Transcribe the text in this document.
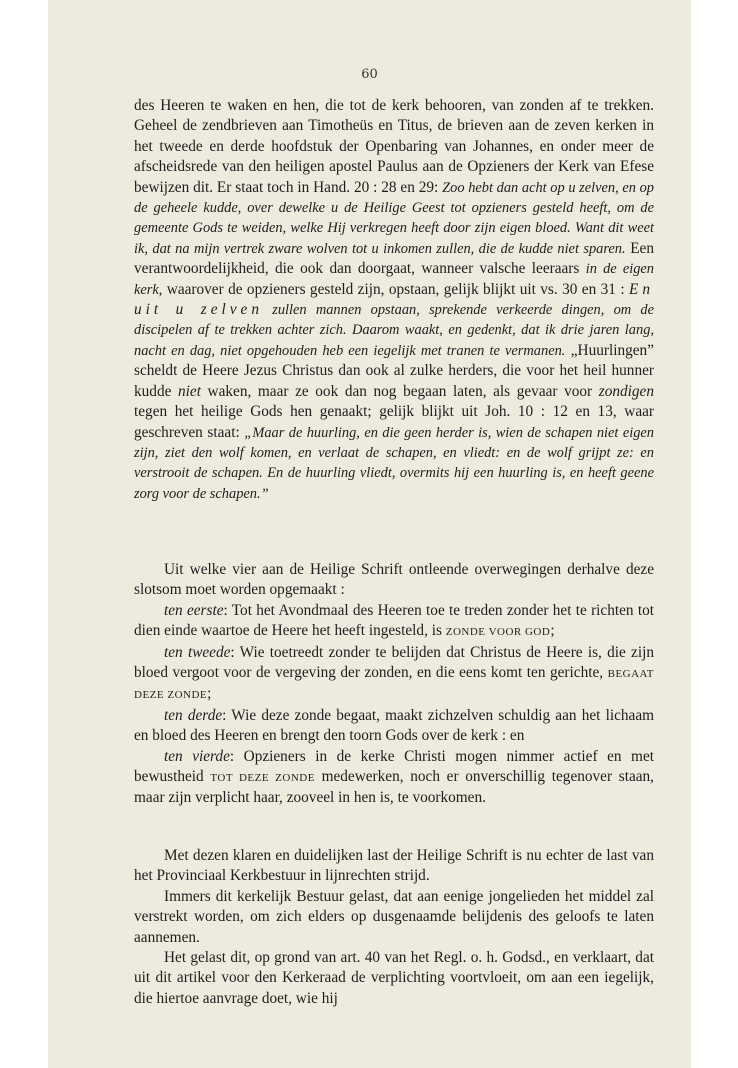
60

des Heeren te waken en hen, die tot de kerk behooren, van zonden af te trekken. Geheel de zendbrieven aan Timotheüs en Titus, de brieven aan de zeven kerken in het tweede en derde hoofdstuk der Openbaring van Johannes, en onder meer de afscheidsrede van den heiligen apostel Paulus aan de Opzieners der Kerk van Efese bewijzen dit. Er staat toch in Hand. 20 : 28 en 29: Zoo hebt dan acht op u zelven, en op de geheele kudde, over dewelke u de Heilige Geest tot opzieners gesteld heeft, om de gemeente Gods te weiden, welke Hij verkregen heeft door zijn eigen bloed. Want dit weet ik, dat na mijn vertrek zware wolven tot u inkomen zullen, die de kudde niet sparen. Een verantwoordelijkheid, die ook dan doorgaat, wanneer valsche leeraars in de eigen kerk, waarover de opzieners gesteld zijn, opstaan, gelijk blijkt uit vs. 30 en 31 : En uit u zelven zullen mannen opstaan, sprekende verkeerde dingen, om de discipelen af te trekken achter zich. Daarom waakt, en gedenkt, dat ik drie jaren lang, nacht en dag, niet opgehouden heb een iegelijk met tranen te vermanen. „Huurlingen” scheldt de Heere Jezus Christus dan ook al zulke herders, die voor het heil hunner kudde niet waken, maar ze ook dan nog begaan laten, als gevaar voor zondigen tegen het heilige Gods hen genaakt; gelijk blijkt uit Joh. 10 : 12 en 13, waar geschreven staat: „Maar de huurling, en die geen herder is, wien de schapen niet eigen zijn, ziet den wolf komen, en verlaat de schapen, en vliedt: en de wolf grijpt ze: en verstrooit de schapen. En de huurling vliedt, overmits hij een huurling is, en heeft geene zorg voor de schapen.”

Uit welke vier aan de Heilige Schrift ontleende overwegingen derhalve deze slotsom moet worden opgemaakt :

ten eerste: Tot het Avondmaal des Heeren toe te treden zonder het te richten tot dien einde waartoe de Heere het heeft ingesteld, is ZONDE VOOR GOD;

ten tweede: Wie toetreedt zonder te belijden dat Christus de Heere is, die zijn bloed vergoot voor de vergeving der zonden, en die eens komt ten gerichte, BEGAAT DEZE ZONDE;

ten derde: Wie deze zonde begaat, maakt zichzelven schuldig aan het lichaam en bloed des Heeren en brengt den toorn Gods over de kerk : en

ten vierde: Opzieners in de kerke Christi mogen nimmer actief en met bewustheid TOT DEZE ZONDE medewerken, noch er onverschillig tegenover staan, maar zijn verplicht haar, zooveel in hen is, te voorkomen.

Met dezen klaren en duidelijken last der Heilige Schrift is nu echter de last van het Provinciaal Kerkbestuur in lijnrechten strijd.

Immers dit kerkelijk Bestuur gelast, dat aan eenige jongelieden het middel zal verstrekt worden, om zich elders op dusgenaamde belijdenis des geloofs te laten aannemen.

Het gelast dit, op grond van art. 40 van het Regl. o. h. Godsd., en verklaart, dat uit dit artikel voor den Kerkeraad de verplichting voortvloeit, om aan een iegelijk, die hiertoe aanvrage doet, wie hij
